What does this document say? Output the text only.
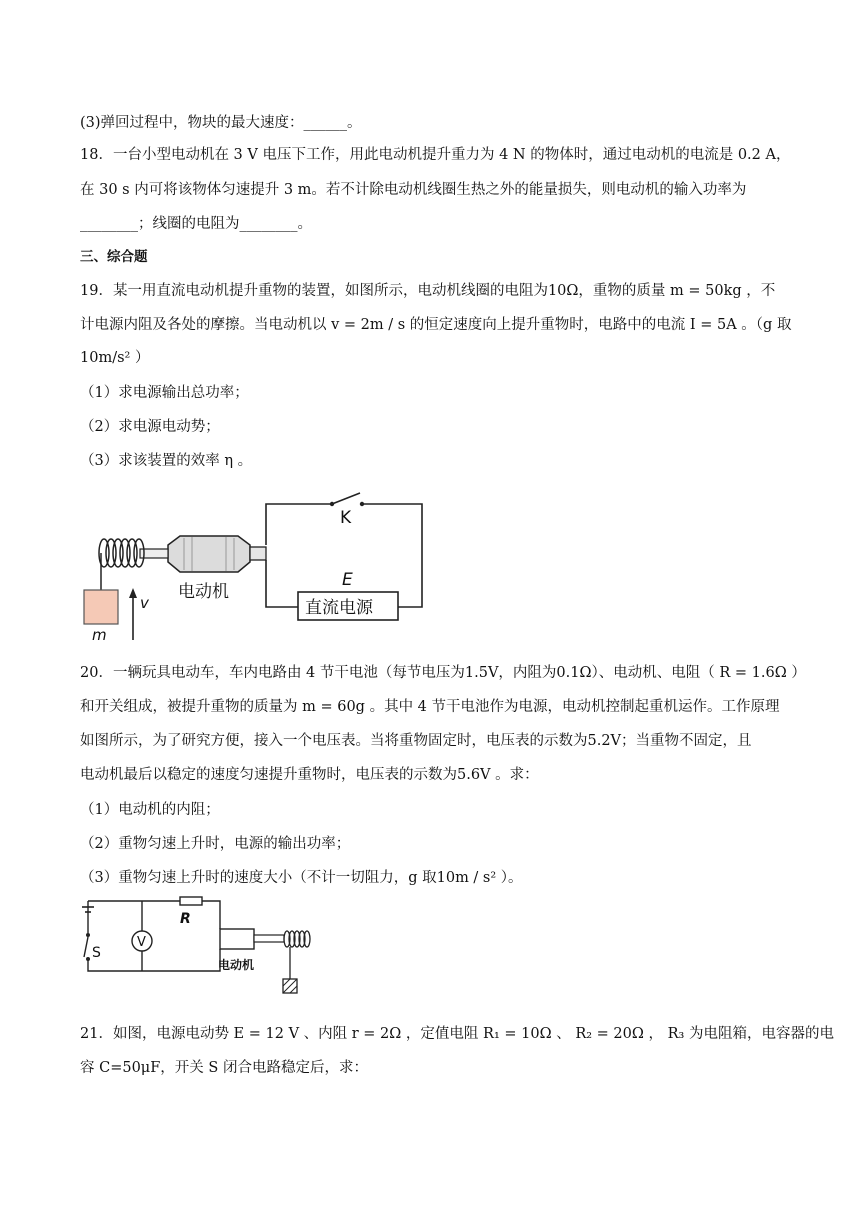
(3)弹回过程中，物块的最大速度：______。
18．一台小型电动机在 3 V 电压下工作，用此电动机提升重力为 4 N 的物体时，通过电动机的电流是 0.2 A，
在 30 s 内可将该物体匀速提升 3 m。若不计除电动机线圈生热之外的能量损失，则电动机的输入功率为
________；线圈的电阻为________。
三、综合题
19．某一用直流电动机提升重物的装置，如图所示，电动机线圈的电阻为10Ω，重物的质量 m = 50kg ，不
计电源内阻及各处的摩擦。当电动机以 v = 2m / s 的恒定速度向上提升重物时，电路中的电流 I = 5A 。（g 取
10m/s² ）
（1）求电源输出总功率；
（2）求电源电动势；
（3）求该装置的效率 η 。
K
E
直流电源
m
v
电动机
20．一辆玩具电动车，车内电路由 4 节干电池（每节电压为1.5V，内阻为0.1Ω）、电动机、电阻（ R = 1.6Ω ）
和开关组成，被提升重物的质量为 m = 60g 。其中 4 节干电池作为电源，电动机控制起重机运作。工作原理
如图所示，为了研究方便，接入一个电压表。当将重物固定时，电压表的示数为5.2V；当重物不固定，且
电动机最后以稳定的速度匀速提升重物时，电压表的示数为5.6V 。求：
（1）电动机的内阻；
（2）重物匀速上升时，电源的输出功率；
（3）重物匀速上升时的速度大小（不计一切阻力，g 取10m / s² ）。
S
R
V
电动机
21．如图，电源电动势 E = 12 V 、内阻 r = 2Ω ，定值电阻 R₁ = 10Ω 、 R₂ = 20Ω ， R₃ 为电阻箱，电容器的电
容 C=50μF，开关 S 闭合电路稳定后，求：
